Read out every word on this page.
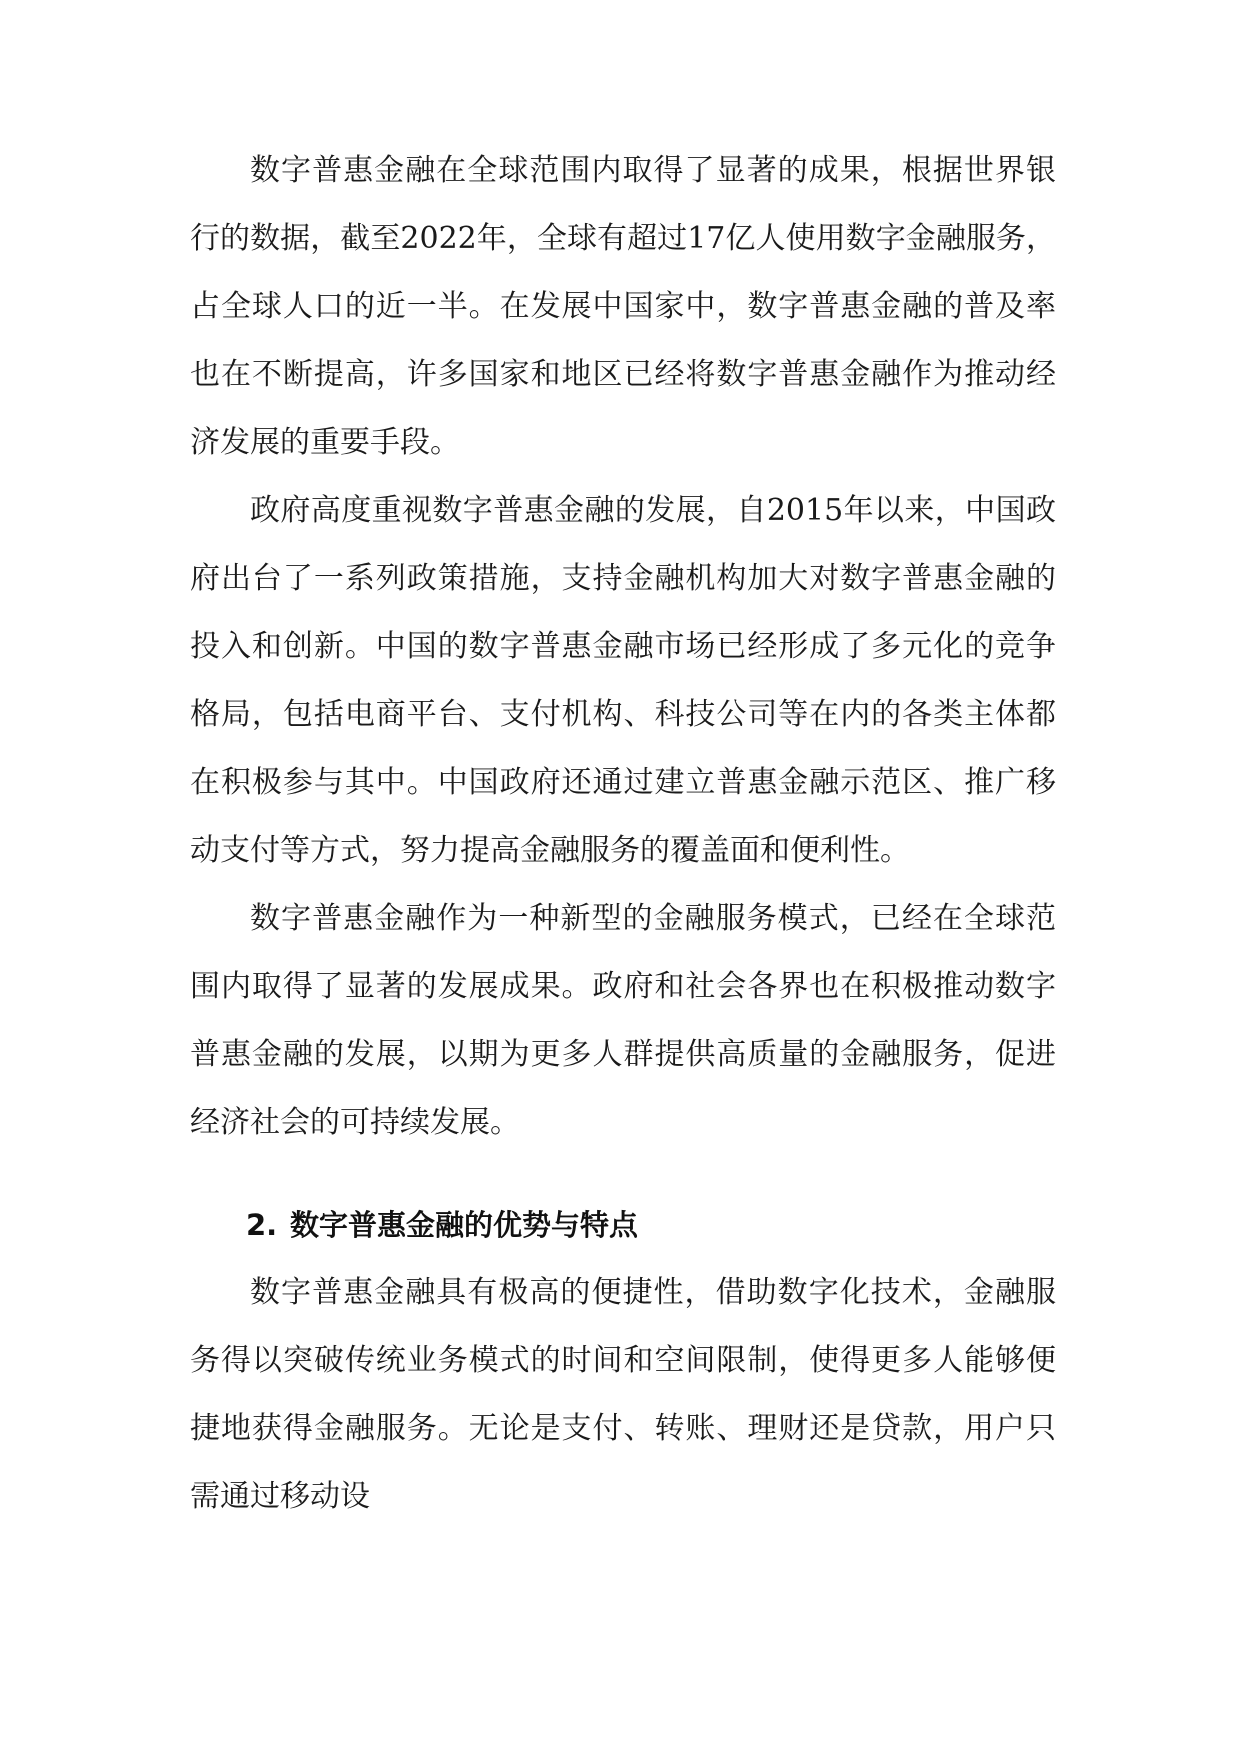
数字普惠金融在全球范围内取得了显著的成果，根据世界银行的数据，截至2022年，全球有超过17亿人使用数字金融服务，占全球人口的近一半。在发展中国家中，数字普惠金融的普及率也在不断提高，许多国家和地区已经将数字普惠金融作为推动经济发展的重要手段。

政府高度重视数字普惠金融的发展，自2015年以来，中国政府出台了一系列政策措施，支持金融机构加大对数字普惠金融的投入和创新。中国的数字普惠金融市场已经形成了多元化的竞争格局，包括电商平台、支付机构、科技公司等在内的各类主体都在积极参与其中。中国政府还通过建立普惠金融示范区、推广移动支付等方式，努力提高金融服务的覆盖面和便利性。

数字普惠金融作为一种新型的金融服务模式，已经在全球范围内取得了显著的发展成果。政府和社会各界也在积极推动数字普惠金融的发展，以期为更多人群提供高质量的金融服务，促进经济社会的可持续发展。

2. 数字普惠金融的优势与特点

数字普惠金融具有极高的便捷性，借助数字化技术，金融服务得以突破传统业务模式的时间和空间限制，使得更多人能够便捷地获得金融服务。无论是支付、转账、理财还是贷款，用户只需通过移动设
